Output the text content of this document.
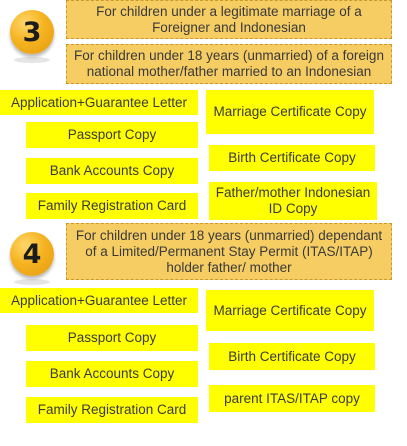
3
For children under a legitimate marriage of a Foreigner and Indonesian
For children under 18 years (unmarried) of a foreign national mother/father married to an Indonesian
Application+Guarantee Letter
Passport Copy
Bank Accounts Copy
Family Registration Card
Marriage Certificate Copy
Birth Certificate Copy
Father/mother Indonesian ID Copy
4
For children under 18 years (unmarried) dependant of a Limited/Permanent Stay Permit (ITAS/ITAP) holder father/ mother
Application+Guarantee Letter
Passport Copy
Bank Accounts Copy
Family Registration Card
Marriage Certificate Copy
Birth Certificate Copy
parent ITAS/ITAP copy
